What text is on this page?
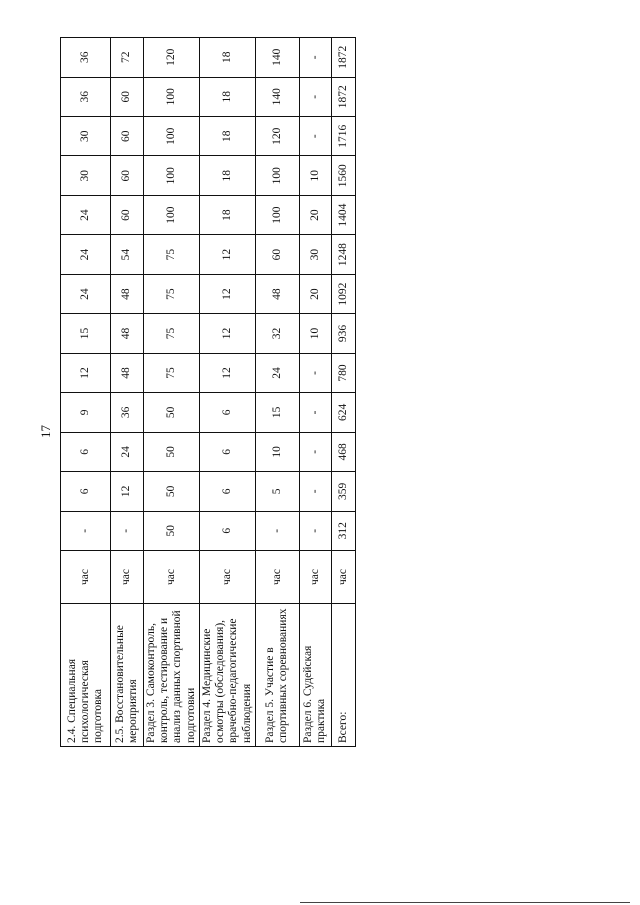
17
2.4. Специальная психологическая подготовка	час	-	6	6	9	12	15	24	24	24	30	30	36	36
2.5. Восстановительные мероприятия	час	-	12	24	36	48	48	48	54	60	60	60	60	72
Раздел 3. Самоконтроль, контроль, тестирование и анализ данных спортивной подготовки	час	50	50	50	50	75	75	75	75	100	100	100	100	120
Раздел 4. Медицинские осмотры (обследования), врачебно-педагогические наблюдения	час	6	6	6	6	12	12	12	12	18	18	18	18	18
Раздел 5. Участие в спортивных соревнованиях	час	-	5	10	15	24	32	48	60	100	100	120	140	140
Раздел 6. Судейская практика	час	-	-	-	-	-	10	20	30	20	10	-	-	-
Всего:	час	312	359	468	624	780	936	1092	1248	1404	1560	1716	1872	1872
